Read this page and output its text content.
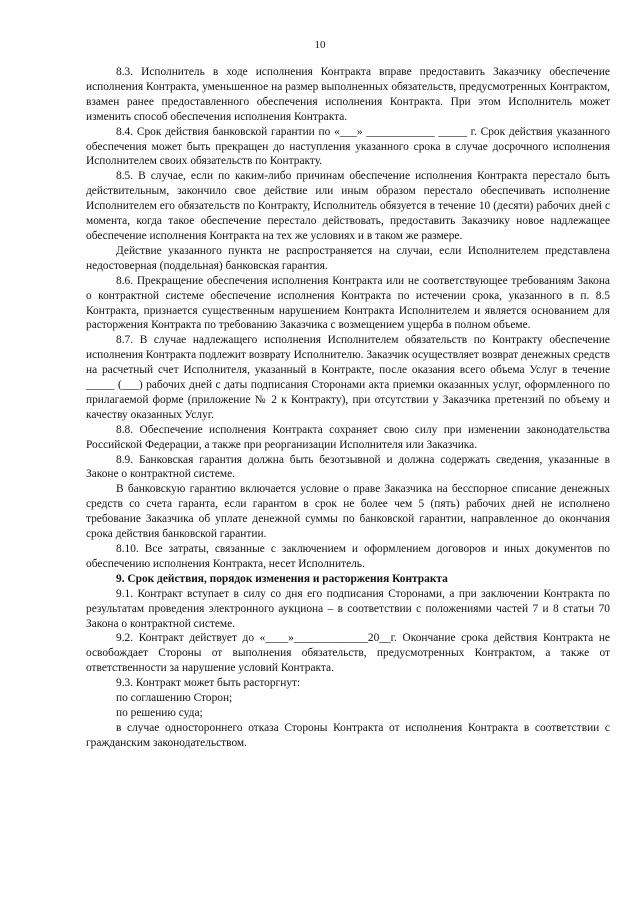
10

8.3. Исполнитель в ходе исполнения Контракта вправе предоставить Заказчику обеспечение исполнения Контракта, уменьшенное на размер выполненных обязательств, предусмотренных Контрактом, взамен ранее предоставленного обеспечения исполнения Контракта. При этом Исполнитель может изменить способ обеспечения исполнения Контракта.

8.4. Срок действия банковской гарантии по «___» ____________ _____ г. Срок действия указанного обеспечения может быть прекращен до наступления указанного срока в случае досрочного исполнения Исполнителем своих обязательств по Контракту.

8.5. В случае, если по каким-либо причинам обеспечение исполнения Контракта перестало быть действительным, закончило свое действие или иным образом перестало обеспечивать исполнение Исполнителем его обязательств по Контракту, Исполнитель обязуется в течение 10 (десяти) рабочих дней с момента, когда такое обеспечение перестало действовать, предоставить Заказчику новое надлежащее обеспечение исполнения Контракта на тех же условиях и в таком же размере.

Действие указанного пункта не распространяется на случаи, если Исполнителем представлена недостоверная (поддельная) банковская гарантия.

8.6. Прекращение обеспечения исполнения Контракта или не соответствующее требованиям Закона о контрактной системе обеспечение исполнения Контракта по истечении срока, указанного в п. 8.5 Контракта, признается существенным нарушением Контракта Исполнителем и является основанием для расторжения Контракта по требованию Заказчика с возмещением ущерба в полном объеме.

8.7. В случае надлежащего исполнения Исполнителем обязательств по Контракту обеспечение исполнения Контракта подлежит возврату Исполнителю. Заказчик осуществляет возврат денежных средств на расчетный счет Исполнителя, указанный в Контракте, после оказания всего объема Услуг в течение _____ (___) рабочих дней с даты подписания Сторонами акта приемки оказанных услуг, оформленного по прилагаемой форме (приложение № 2 к Контракту), при отсутствии у Заказчика претензий по объему и качеству оказанных Услуг.

8.8. Обеспечение исполнения Контракта сохраняет свою силу при изменении законодательства Российской Федерации, а также при реорганизации Исполнителя или Заказчика.

8.9. Банковская гарантия должна быть безотзывной и должна содержать сведения, указанные в Законе о контрактной системе.

В банковскую гарантию включается условие о праве Заказчика на бесспорное списание денежных средств со счета гаранта, если гарантом в срок не более чем 5 (пять) рабочих дней не исполнено требование Заказчика об уплате денежной суммы по банковской гарантии, направленное до окончания срока действия банковской гарантии.

8.10. Все затраты, связанные с заключением и оформлением договоров и иных документов по обеспечению исполнения Контракта, несет Исполнитель.

9. Срок действия, порядок изменения и расторжения Контракта

9.1. Контракт вступает в силу со дня его подписания Сторонами, а при заключении Контракта по результатам проведения электронного аукциона – в соответствии с положениями частей 7 и 8 статьи 70 Закона о контрактной системе.

9.2. Контракт действует до «____»_____________20__г. Окончание срока действия Контракта не освобождает Стороны от выполнения обязательств, предусмотренных Контрактом, а также от ответственности за нарушение условий Контракта.

9.3. Контракт может быть расторгнут:

по соглашению Сторон;

по решению суда;

в случае одностороннего отказа Стороны Контракта от исполнения Контракта в соответствии с гражданским законодательством.
